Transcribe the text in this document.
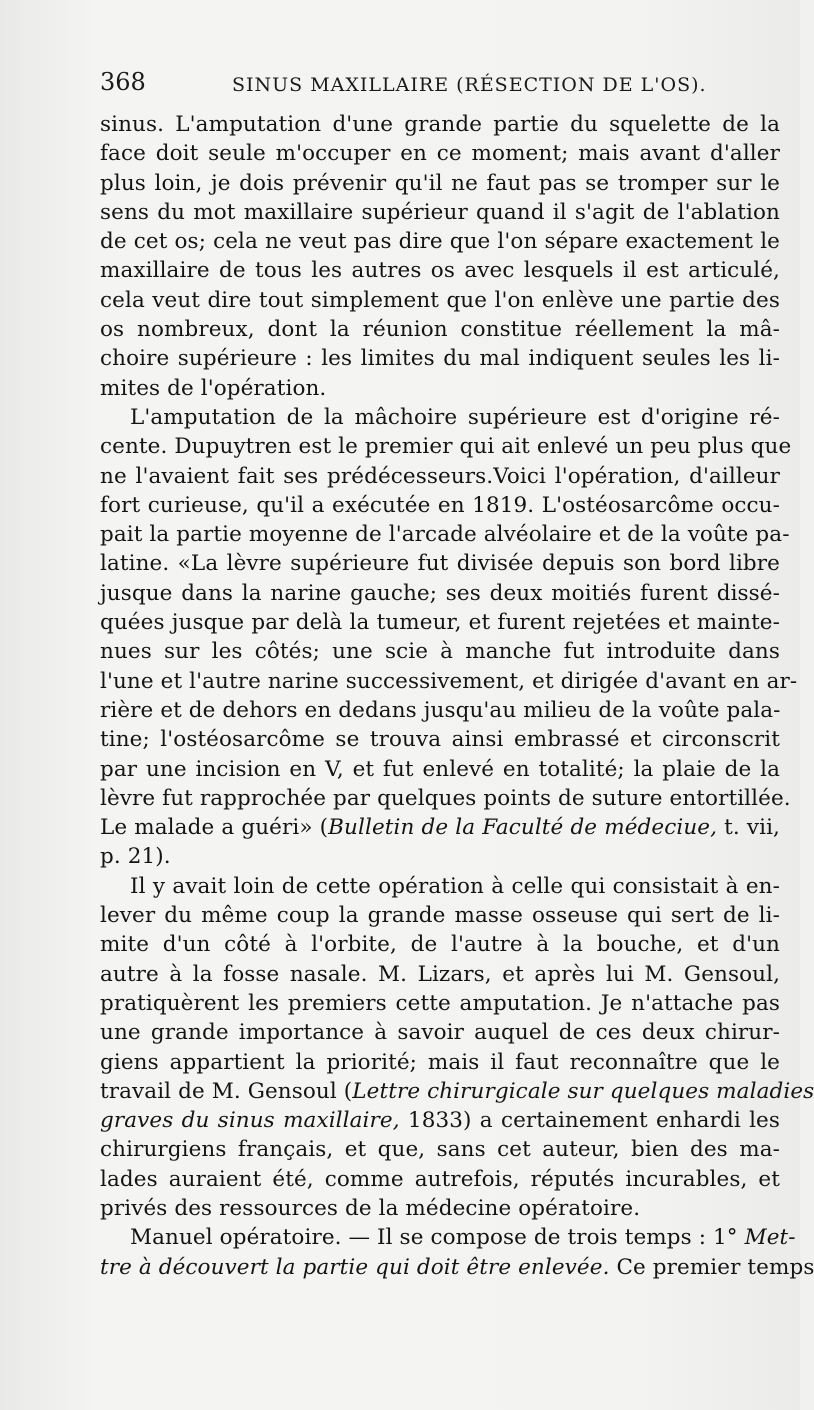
368	SINUS MAXILLAIRE (RÉSECTION DE L'OS).
sinus. L'amputation d'une grande partie du squelette de la
face doit seule m'occuper en ce moment; mais avant d'aller
plus loin, je dois prévenir qu'il ne faut pas se tromper sur le
sens du mot maxillaire supérieur quand il s'agit de l'ablation
de cet os; cela ne veut pas dire que l'on sépare exactement le
maxillaire de tous les autres os avec lesquels il est articulé,
cela veut dire tout simplement que l'on enlève une partie des
os nombreux, dont la réunion constitue réellement la mâ-
choire supérieure : les limites du mal indiquent seules les li-
mites de l'opération.
L'amputation de la mâchoire supérieure est d'origine ré-
cente. Dupuytren est le premier qui ait enlevé un peu plus que
ne l'avaient fait ses prédécesseurs.Voici l'opération, d'ailleur
fort curieuse, qu'il a exécutée en 1819. L'ostéosarcôme occu-
pait la partie moyenne de l'arcade alvéolaire et de la voûte pa-
latine. «La lèvre supérieure fut divisée depuis son bord libre
jusque dans la narine gauche; ses deux moitiés furent dissé-
quées jusque par delà la tumeur, et furent rejetées et mainte-
nues sur les côtés; une scie à manche fut introduite dans
l'une et l'autre narine successivement, et dirigée d'avant en ar-
rière et de dehors en dedans jusqu'au milieu de la voûte pala-
tine; l'ostéosarcôme se trouva ainsi embrassé et circonscrit
par une incision en V, et fut enlevé en totalité; la plaie de la
lèvre fut rapprochée par quelques points de suture entortillée.
Le malade a guéri» (Bulletin de la Faculté de médeciue, t. vii,
p. 21).
Il y avait loin de cette opération à celle qui consistait à en-
lever du même coup la grande masse osseuse qui sert de li-
mite d'un côté à l'orbite, de l'autre à la bouche, et d'un
autre à la fosse nasale. M. Lizars, et après lui M. Gensoul,
pratiquèrent les premiers cette amputation. Je n'attache pas
une grande importance à savoir auquel de ces deux chirur-
giens appartient la priorité; mais il faut reconnaître que le
travail de M. Gensoul (Lettre chirurgicale sur quelques maladies
graves du sinus maxillaire, 1833) a certainement enhardi les
chirurgiens français, et que, sans cet auteur, bien des ma-
lades auraient été, comme autrefois, réputés incurables, et
privés des ressources de la médecine opératoire.
Manuel opératoire. — Il se compose de trois temps : 1° Met-
tre à découvert la partie qui doit être enlevée. Ce premier temps
